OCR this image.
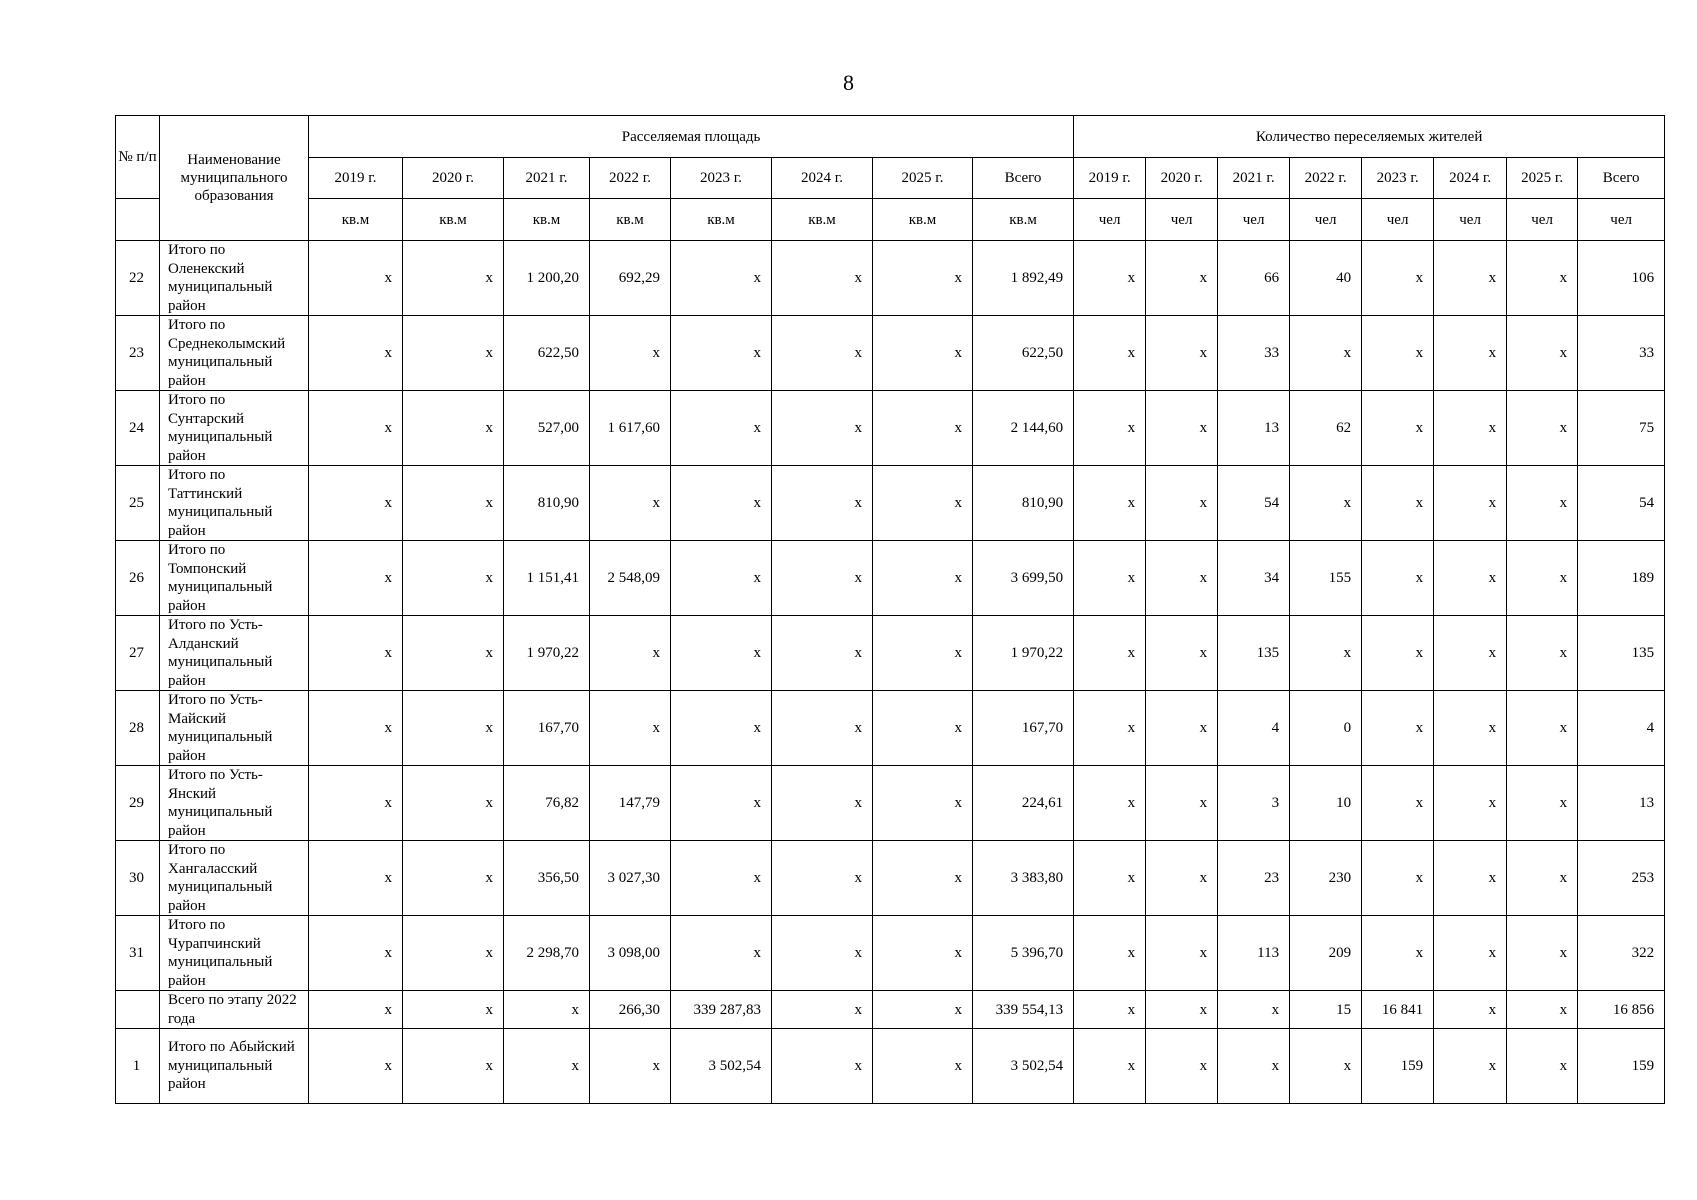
8
№ п/п	Наименование муниципального образования	Расселяемая площадь								Количество переселяемых жителей							
		2019 г.	2020 г.	2021 г.	2022 г.	2023 г.	2024 г.	2025 г.	Всего	2019 г.	2020 г.	2021 г.	2022 г.	2023 г.	2024 г.	2025 г.	Всего
		кв.м	кв.м	кв.м	кв.м	кв.м	кв.м	кв.м	кв.м	чел	чел	чел	чел	чел	чел	чел	чел
22	Итого по Оленекский муниципальный район	х	х	1 200,20	692,29	х	х	х	1 892,49	х	х	66	40	х	х	х	106
23	Итого по Среднеколымский муниципальный район	х	х	622,50	х	х	х	х	622,50	х	х	33	х	х	х	х	33
24	Итого по Сунтарский муниципальный район	х	х	527,00	1 617,60	х	х	х	2 144,60	х	х	13	62	х	х	х	75
25	Итого по Таттинский муниципальный район	х	х	810,90	х	х	х	х	810,90	х	х	54	х	х	х	х	54
26	Итого по Томпонский муниципальный район	х	х	1 151,41	2 548,09	х	х	х	3 699,50	х	х	34	155	х	х	х	189
27	Итого по Усть-Алданский муниципальный район	х	х	1 970,22	х	х	х	х	1 970,22	х	х	135	х	х	х	х	135
28	Итого по Усть-Майский муниципальный район	х	х	167,70	х	х	х	х	167,70	х	х	4	0	х	х	х	4
29	Итого по Усть-Янский муниципальный район	х	х	76,82	147,79	х	х	х	224,61	х	х	3	10	х	х	х	13
30	Итого по Хангаласский муниципальный район	х	х	356,50	3 027,30	х	х	х	3 383,80	х	х	23	230	х	х	х	253
31	Итого по Чурапчинский муниципальный район	х	х	2 298,70	3 098,00	х	х	х	5 396,70	х	х	113	209	х	х	х	322
	Всего по этапу 2022 года	х	х	х	266,30	339 287,83	х	х	339 554,13	х	х	х	15	16 841	х	х	16 856
1	Итого по Абыйский муниципальный район	х	х	х	х	3 502,54	х	х	3 502,54	х	х	х	х	159	х	х	159
